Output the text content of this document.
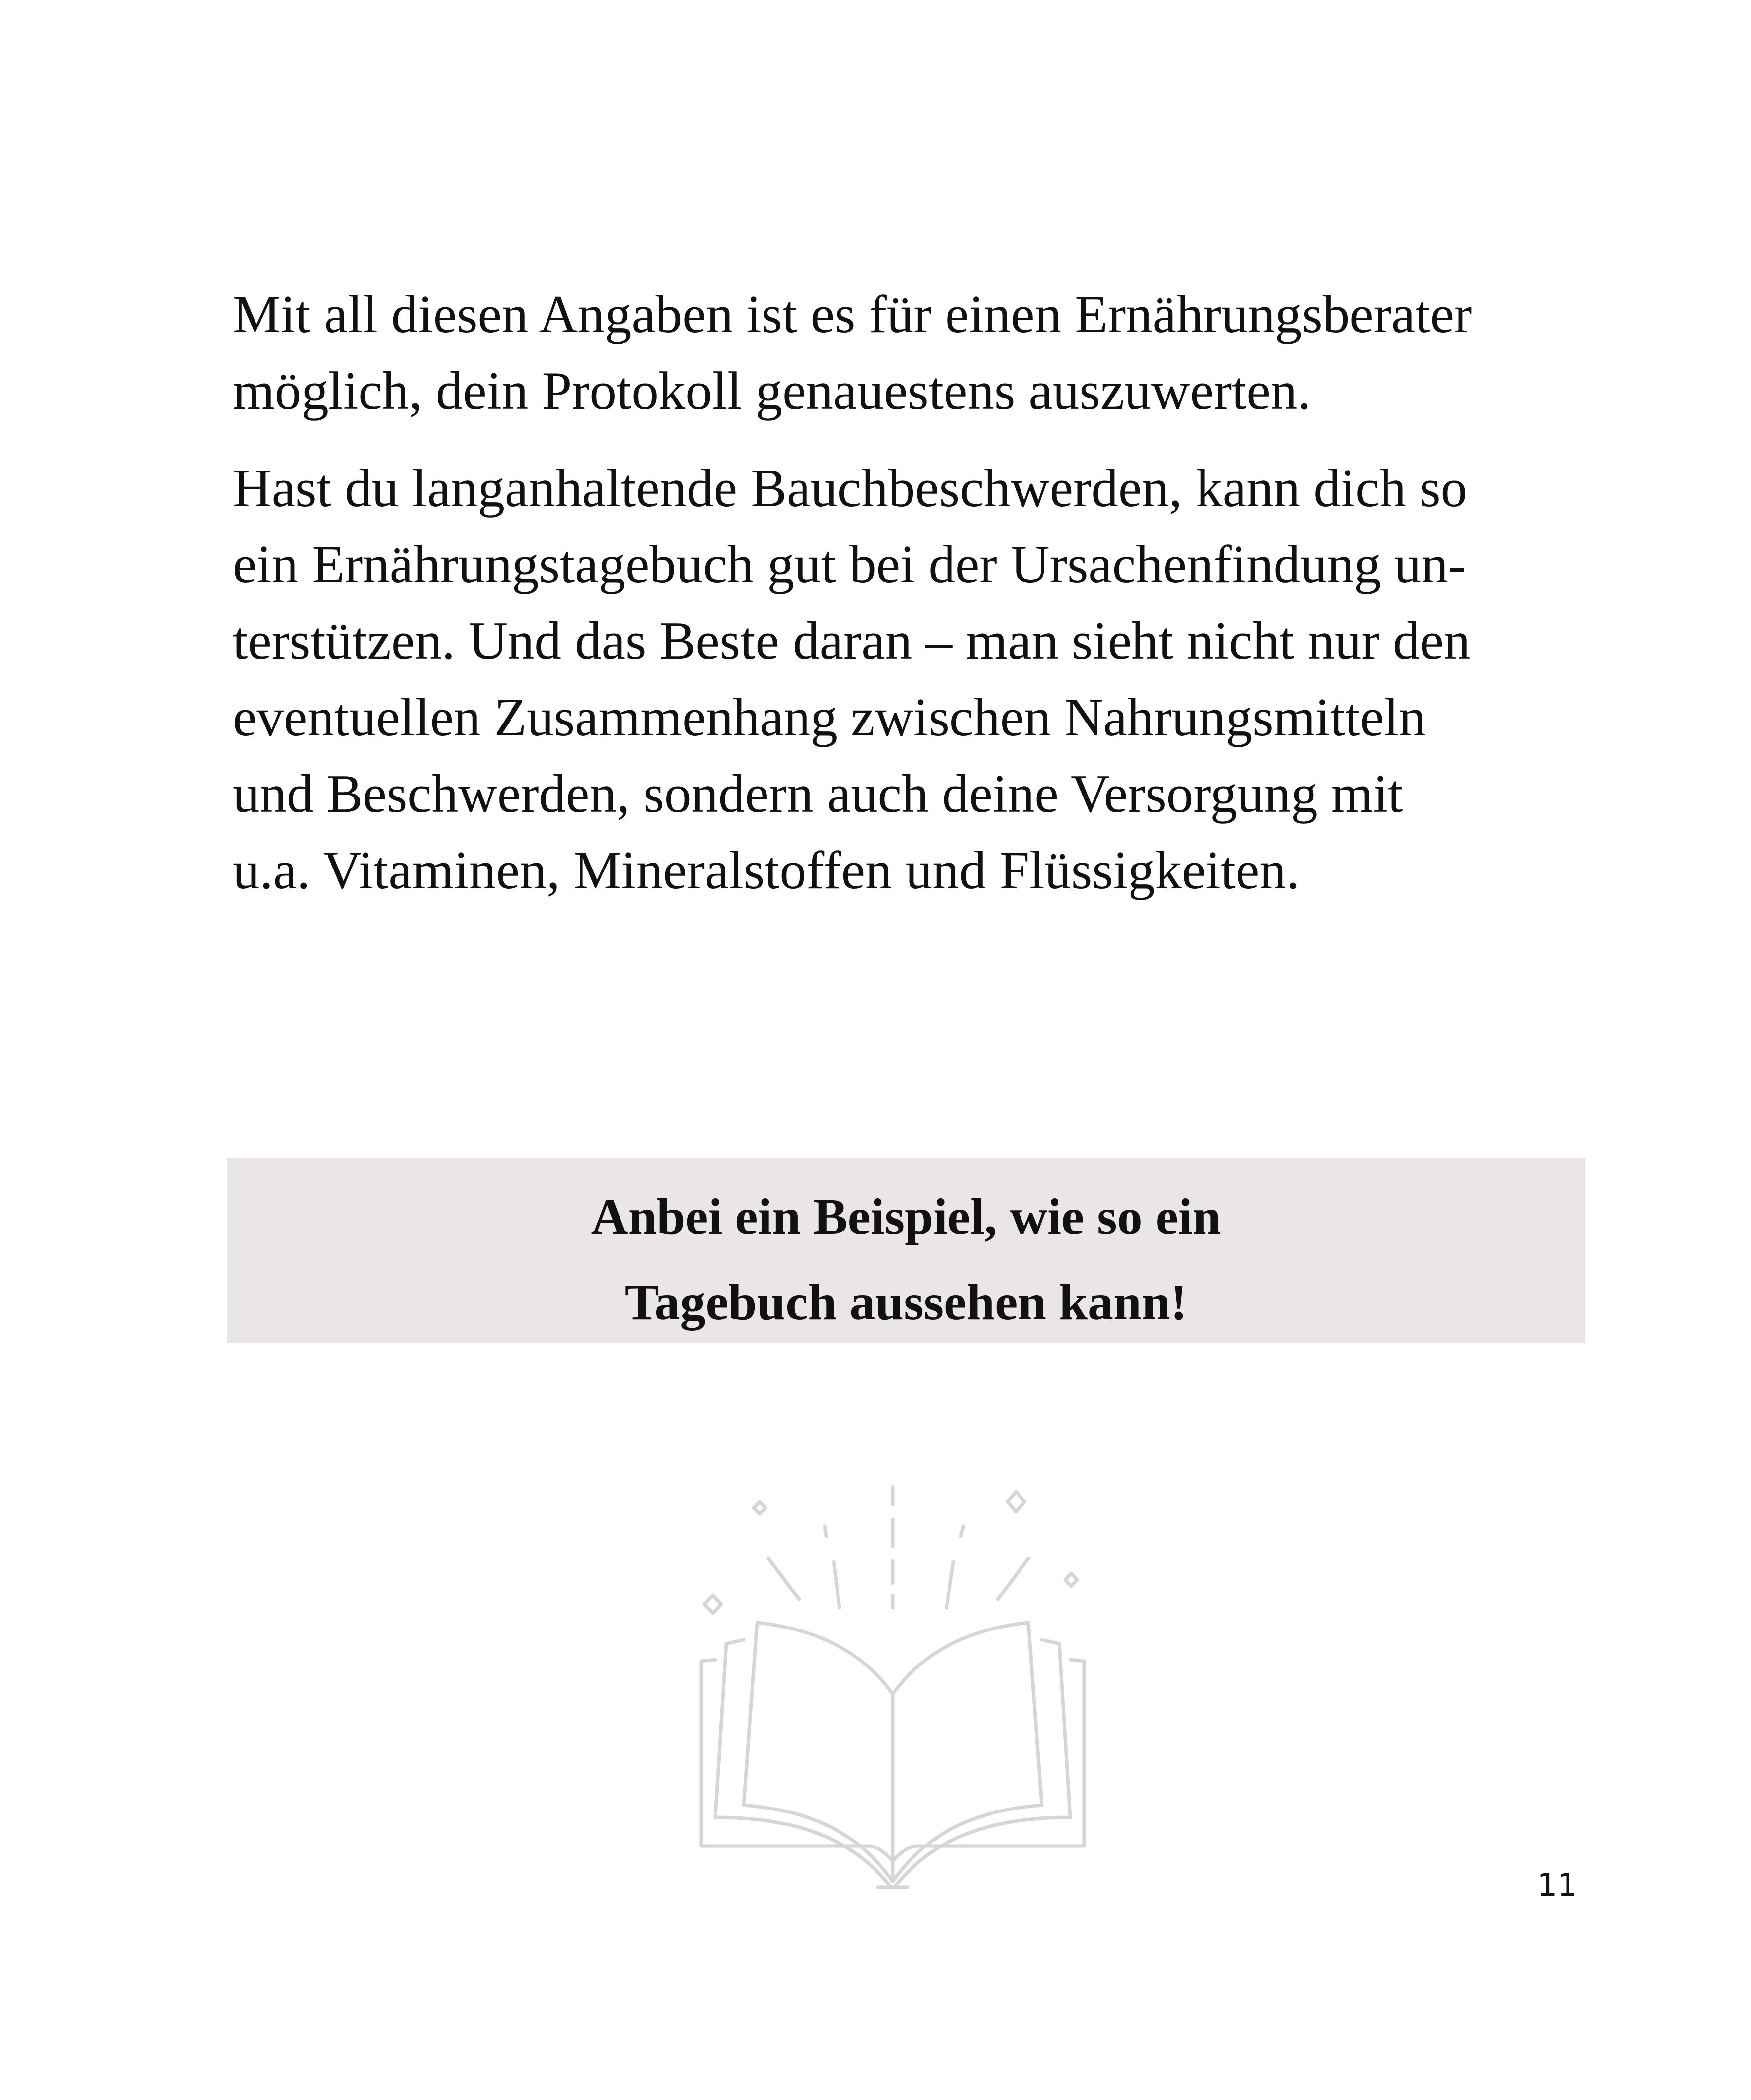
Mit all diesen Angaben ist es für einen Ernährungsberater
möglich, dein Protokoll genauestens auszuwerten.

Hast du langanhaltende Bauchbeschwerden, kann dich so
ein Ernährungstagebuch gut bei der Ursachenfindung un-
terstützen. Und das Beste daran – man sieht nicht nur den
eventuellen Zusammenhang zwischen Nahrungsmitteln
und Beschwerden, sondern auch deine Versorgung mit
u.a. Vitaminen, Mineralstoffen und Flüssigkeiten.

Anbei ein Beispiel, wie so ein
Tagebuch aussehen kann!
11
